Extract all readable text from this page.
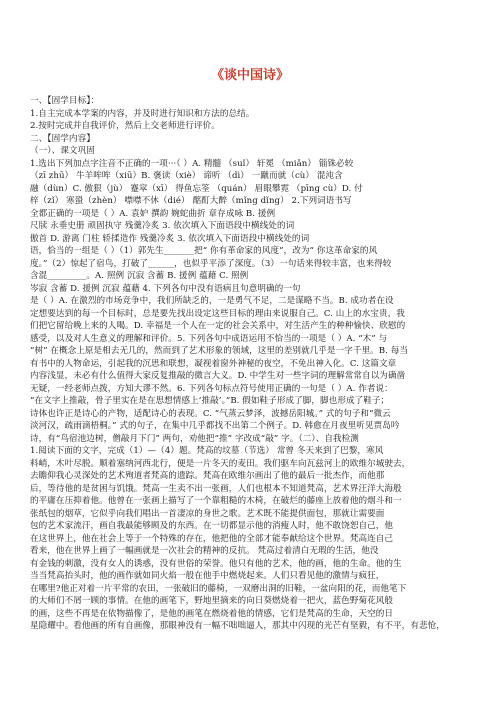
《谈中国诗》
一、【固学目标】：
1.自主完成本学案的内容，并及时进行知识和方法的总结。
2.按时完成并自我评价，然后上交老师进行评价。
二、【固学内容】
（一）、课文巩固
1.选出下列加点字注音不正确的一项···（ ）A. 精髓 （suǐ） 轩冕 （miǎn） 锱铢必较
（zī zhū） 牛羊哞哞（xiū）B. 褒读（xiè） 谛听 （dì） 一蹴而就（cù） 混沌含
融（dùn）C. 傲狠（jù） 蹇窣（xī） 得鱼忘筌 （quán） 眉眼攀霓 （pīng cù）D. 付
梓（zǐ） 寒蛩（zhèn） 噤噤不休（dié） 酩酊大醉（mǐng dǐng） 2.下列词语书写
全都正确的一项是（ ）A. 袁妒 撰韵 婉蛇曲折 章存成咏 B. 援例
尺牍 永垂史册 顽固执守 残羹冷炙 3. 依次填入下面语段中横线处的词
傲首 D. 游离 门柱 轿揉造作 残羹冷炙 3. 依次填入下面语段中横线处的词
语，恰当的一组是（ ）（1）郭先生_______把“ 你有革命家的风度”，改为“ 你这革命家的风
度。”（2）惊起了宿鸟，打破了______，也似乎平添了深度。（3）一句话来得较丰富，也来得较
含混_________。A. 照例 沉寂 含蓄 B. 援例 蕴藉 C. 照例
岑寂 含蓄 D. 援例 沉寂 蕴藉 4. 下列各句中没有语病且句意明确的一句
是（ ）A. 在激烈的市场竞争中，我们所缺乏的，一是勇气不足，二是谋略不当。B. 成功者在设
定想要达到的每一个目标时，总是要先找出设定这些目标的理由来说服自己。C. 山上的水宝贵，我
们把它留给晚上来的人喝。D. 幸福是一个人在一定的社会关系中，对生活产生的种种愉快、欣慰的
感受，以及对人生意义的理解和评价。5. 下列各句中成语运用不恰当的一项是（ ）A. “木” 与
“树” 在概念上原是相去无几的，然而到了艺术形象的领域，这里的差别就几乎是一字千里。B. 每当
有书中的人物命运，引起我的沉思和联想，凝视着窗外神秘的夜空，不免出神入化。C. 这篇文章
内容浅显，未必有什么值得大家反复推敲的微言大义。D. 中学生对一些字词的理解常常自以为确凿
无疑，一经老师点拨，方知大谬不然。6. 下列各句标点符号使用正确的一句是（ ）A. 作者说：
“在文字上推敲，骨子里实在是在思想情感上‘推敲’。”B. 假如鞋子形成了脚，脚也形成了鞋子；
诗体也许正是诗心的产物，适配诗心的表现。C. “气蒸云梦泽，波撼岳阳城。” 式的句子和“微云
淡河汉，疏雨滴梧桐。” 式的句子，在集中几乎都找不出第二个例子。D. 韩愈在月夜里听见贾岛吟
诗，有“鸟宿池边树，僧敲月下门” 两句，劝他把“推” 字改成“敲” 字。（二）、自我检测
1.阅读下面的文字，完成（1）—（4）题。梵高的坟墓（节选） 常曾 冬天来到了巴黎，寒风
料峭，木叶尽脱。顺着塞纳河西北行，便是一片冬天的麦田。我们驱车向瓦兹河上的欧维尔城驶去，
去瞻仰我心灵深处的艺术殉道者梵高的遗踪。梵高在欧维尔画出了他的最后一批杰作，而他那
后，等待他的是贫困与饥饿。梵高一生卖不出一张画，人们也根本不知道梵高，艺术界汪洋大海般
的平庸在压抑着他。他曾在一张画上描写了一个靠粗糙的木椅，在破烂的藤座上放着他的烟斗和一
张纸包的烟草，它似乎向我们唱出一首凄凉的身世之歌。艺术既不能提供面包，那就让需要面
包的艺术家流汗，画自我最能够顾及的东西。在一切都显示他的消瘦人时，他不敢饶恕自己，他
在这世界上，他在社会上等于一个特殊的存在，他把他的全部才能奉献给这个世界。梵高连自己
看来，他在世界上画了一幅画就是一次社会的精神的反抗。 梵高过着清白无瑕的生活，他没
有金钱的刺激，没有女人的诱惑，没有世俗的荣誉。他只有他的艺术，他的画，他的生命。他的生
当当梵高抬头时，他的画作就如同火焰一般在他手中燃烧起来。人们只看见他的激情与疯狂，
在哪里?他正对着一片平常的农田，一张破旧的藤椅，一双磨出洞的旧鞋，一盆向阳的花，而他笔下
的大师们不屑一顾的事情。在他的画笔下，野地里摘来的向日葵燃烧着一把火，蓝色野菊花风般
的画，这些不再是在依物描像了，是他的画笔在燃烧着他的情感，它们是梵高的生命，天空的日
星隐耀中。看他画的所有自画像，那眼神没有一幅不咄咄逼人，那其中闪现的光芒有坚毅，有不平，有悲怆，
